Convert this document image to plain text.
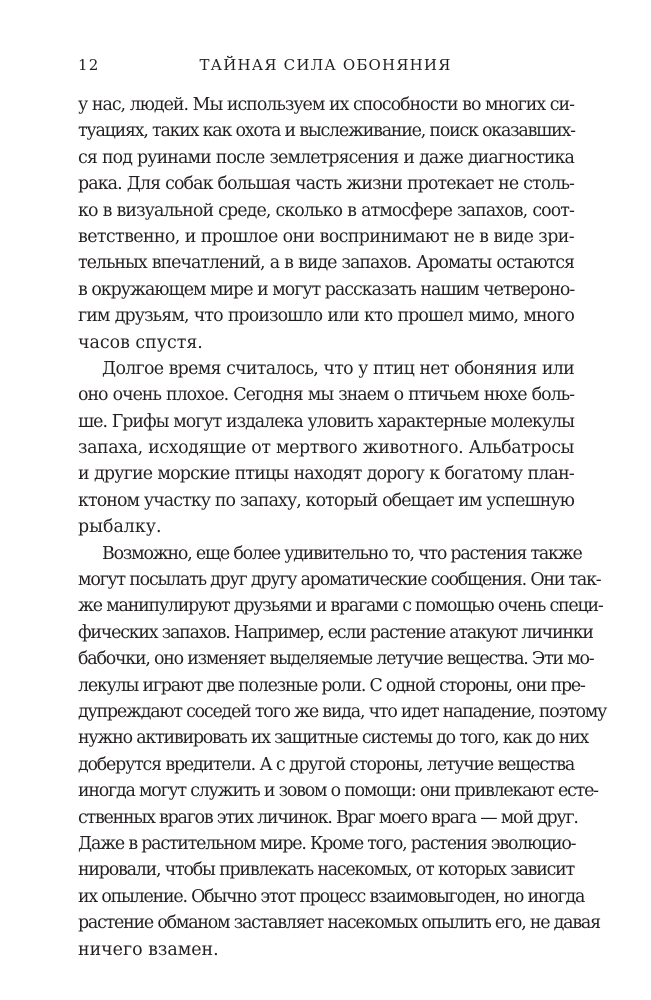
12	ТАЙНАЯ СИЛА ОБОНЯНИЯ
у нас, людей. Мы используем их способности во многих си-
туациях, таких как охота и выслеживание, поиск оказавших-
ся под руинами после землетрясения и даже диагностика
рака. Для собак большая часть жизни протекает не столь-
ко в визуальной среде, сколько в атмосфере запахов, соот-
ветственно, и прошлое они воспринимают не в виде зри-
тельных впечатлений, а в виде запахов. Ароматы остаются
в окружающем мире и могут рассказать нашим четвероно-
гим друзьям, что произошло или кто прошел мимо, много
часов спустя.
Долгое время считалось, что у птиц нет обоняния или
оно очень плохое. Сегодня мы знаем о птичьем нюхе боль-
ше. Грифы могут издалека уловить характерные молекулы
запаха, исходящие от мертвого животного. Альбатросы
и другие морские птицы находят дорогу к богатому план-
ктоном участку по запаху, который обещает им успешную
рыбалку.
Возможно, еще более удивительно то, что растения также
могут посылать друг другу ароматические сообщения. Они так-
же манипулируют друзьями и врагами с помощью очень специ-
фических запахов. Например, если растение атакуют личинки
бабочки, оно изменяет выделяемые летучие вещества. Эти мо-
лекулы играют две полезные роли. С одной стороны, они пре-
дупреждают соседей того же вида, что идет нападение, поэтому
нужно активировать их защитные системы до того, как до них
доберутся вредители. А с другой стороны, летучие вещества
иногда могут служить и зовом о помощи: они привлекают есте-
ственных врагов этих личинок. Враг моего врага — мой друг.
Даже в растительном мире. Кроме того, растения эволюцио-
нировали, чтобы привлекать насекомых, от которых зависит
их опыление. Обычно этот процесс взаимовыгоден, но иногда
растение обманом заставляет насекомых опылить его, не давая
ничего взамен.
